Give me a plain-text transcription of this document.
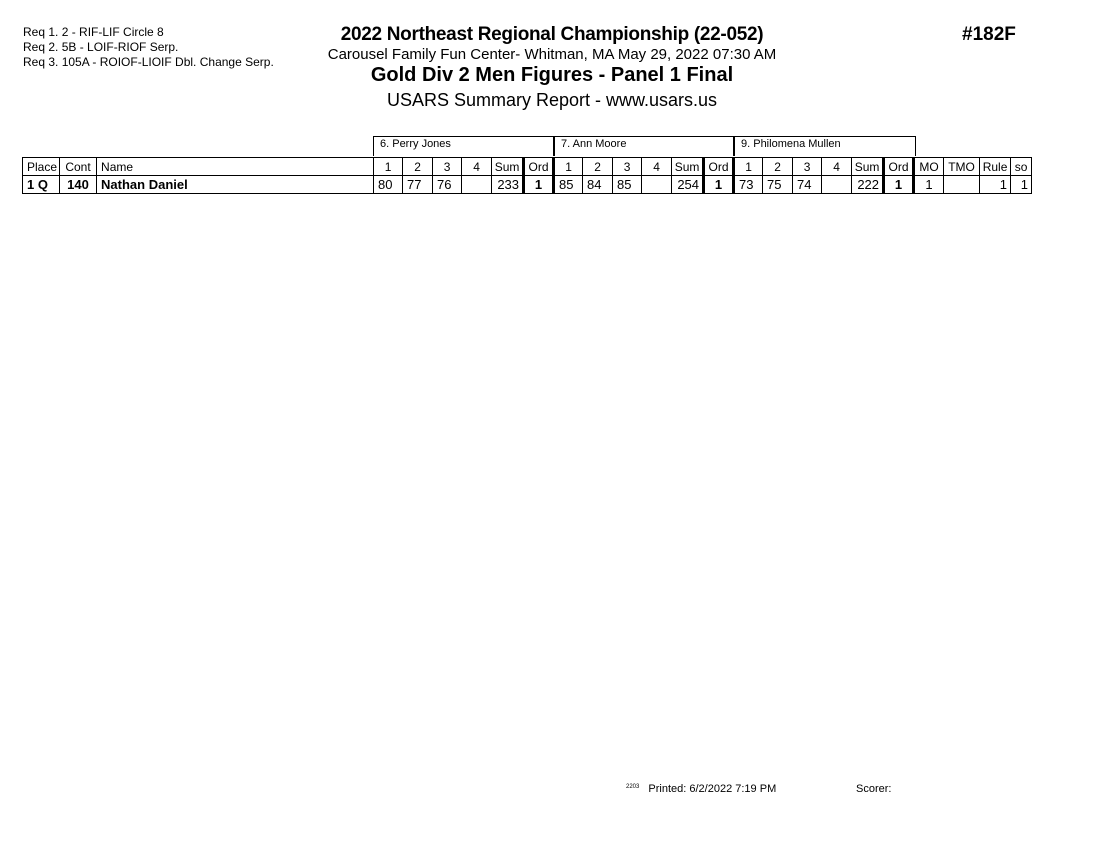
Req 1. 2 - RIF-LIF Circle 8
Req 2. 5B - LOIF-RIOF Serp.
Req 3. 105A - ROIOF-LIOIF Dbl. Change Serp.
2022 Northeast Regional Championship (22-052)
Carousel Family Fun Center- Whitman, MA May 29, 2022 07:30 AM
Gold Div 2 Men Figures - Panel 1 Final
USARS Summary Report - www.usars.us
#182F
6. Perry Jones	7. Ann Moore	9. Philomena Mullen
Place	Cont	Name	1	2	3	4	Sum	Ord	1	2	3	4	Sum	Ord	1	2	3	4	Sum	Ord	MO	TMO	Rule	so
1 Q	140	Nathan Daniel	80	77	76		233	1	85	84	85		254	1	73	75	74		222	1	1		1	1
$^{2203}$ Printed: 6/2/2022 7:19 PM	Scorer:
